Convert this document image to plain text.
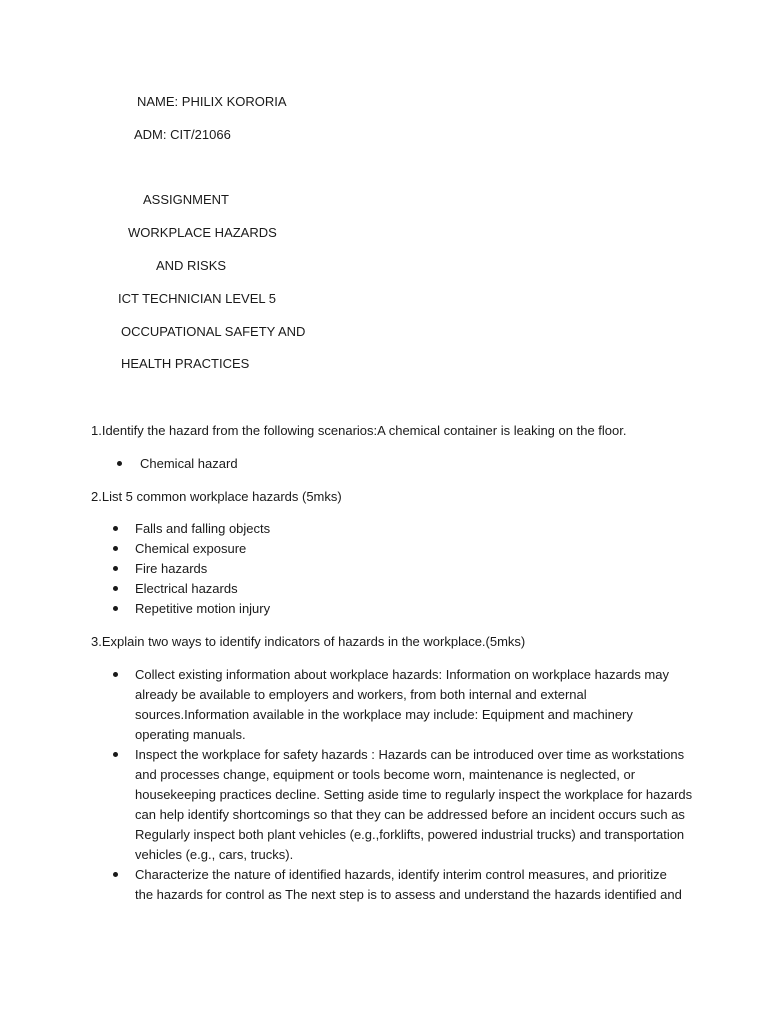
NAME: PHILIX KORORIA
ADM: CIT/21066
ASSIGNMENT
WORKPLACE HAZARDS
AND RISKS
ICT TECHNICIAN LEVEL 5
OCCUPATIONAL SAFETY AND
HEALTH PRACTICES
1.Identify the hazard from the following scenarios:A chemical container is leaking on the floor.
Chemical hazard
2.List 5 common workplace hazards (5mks)
Falls and falling objects
Chemical exposure
Fire hazards
Electrical hazards
Repetitive motion injury
3.Explain two ways to identify indicators of hazards in the workplace.(5mks)
Collect existing information about workplace hazards: Information on workplace hazards may
already be available to employers and workers, from both internal and external
sources.Information available in the workplace may include: Equipment and machinery
operating manuals.
Inspect the workplace for safety hazards : Hazards can be introduced over time as workstations
and processes change, equipment or tools become worn, maintenance is neglected, or
housekeeping practices decline. Setting aside time to regularly inspect the workplace for hazards
can help identify shortcomings so that they can be addressed before an incident occurs such as
Regularly inspect both plant vehicles (e.g.,forklifts, powered industrial trucks) and transportation
vehicles (e.g., cars, trucks).
Characterize the nature of identified hazards, identify interim control measures, and prioritize
the hazards for control as The next step is to assess and understand the hazards identified and
